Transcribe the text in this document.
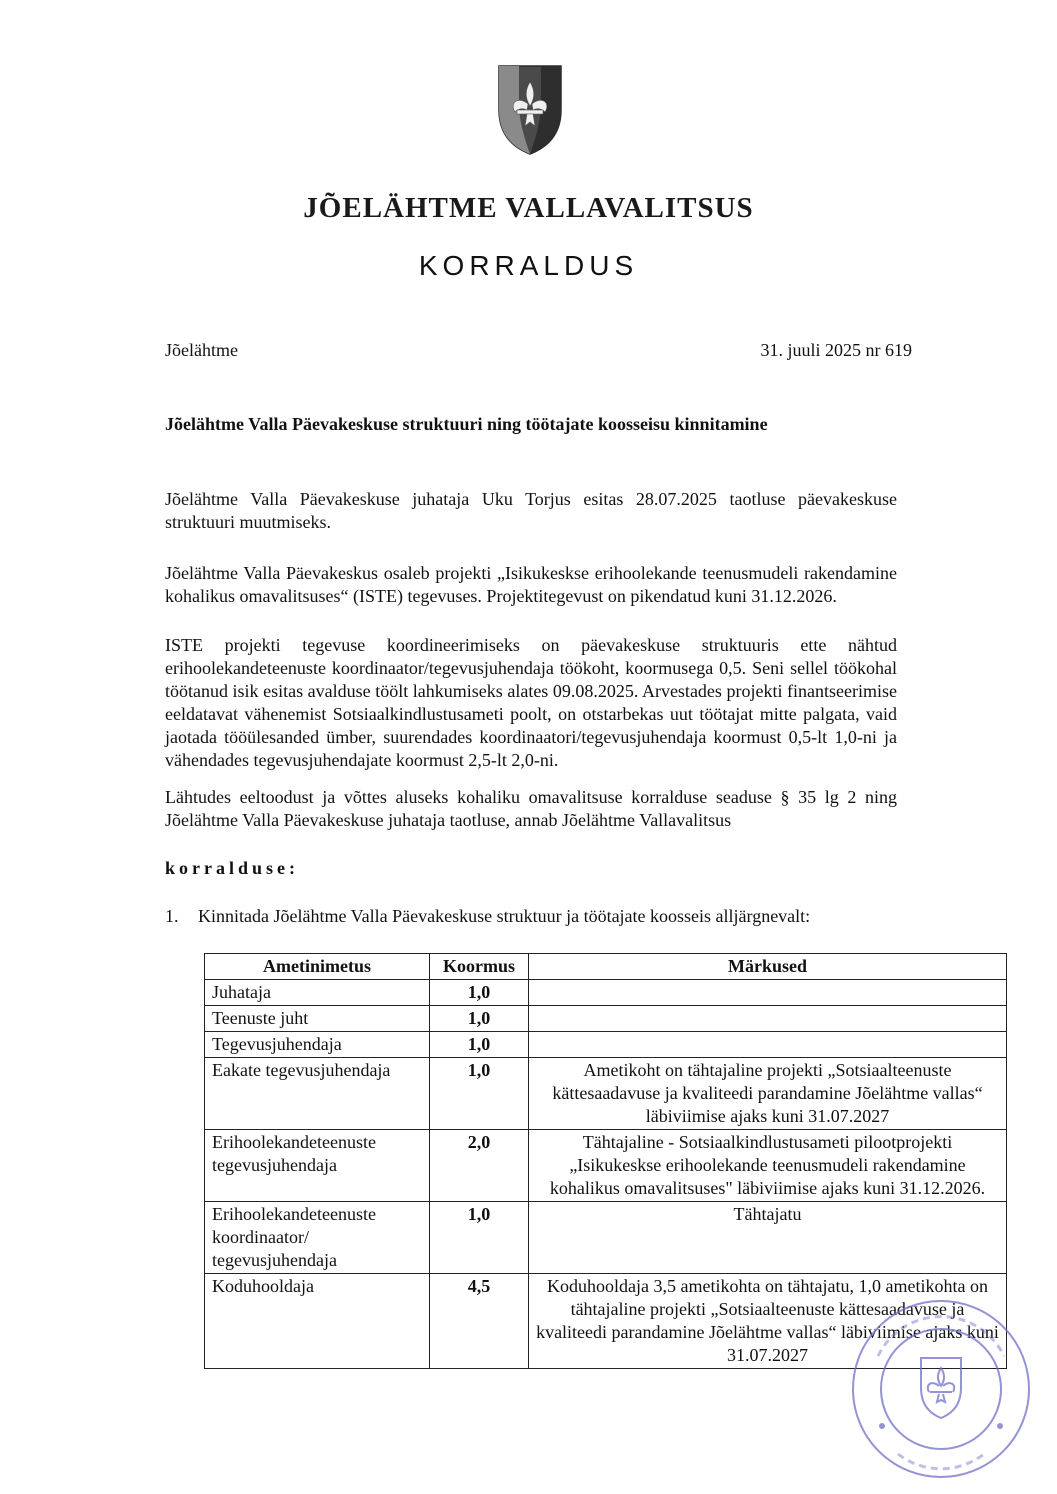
JÕELÄHTME VALLAVALITSUS
KORRALDUS
Jõelähtme	31. juuli 2025 nr 619
Jõelähtme Valla Päevakeskuse struktuuri ning töötajate koosseisu kinnitamine

Jõelähtme Valla Päevakeskuse juhataja Uku Torjus esitas 28.07.2025 taotluse päevakeskuse struktuuri muutmiseks.

Jõelähtme Valla Päevakeskus osaleb projekti „Isikukeskse erihoolekande teenusmudeli rakendamine kohalikus omavalitsuses“ (ISTE) tegevuses. Projektitegevust on pikendatud kuni 31.12.2026.

ISTE projekti tegevuse koordineerimiseks on päevakeskuse struktuuris ette nähtud erihoolekandeteenuste koordinaator/tegevusjuhendaja töökoht, koormusega 0,5. Seni sellel töökohal töötanud isik esitas avalduse töölt lahkumiseks alates 09.08.2025. Arvestades projekti finantseerimise eeldatavat vähenemist Sotsiaalkindlustusameti poolt, on otstarbekas uut töötajat mitte palgata, vaid jaotada tööülesanded ümber, suurendades koordinaatori/tegevusjuhendaja koormust 0,5-lt 1,0-ni ja vähendades tegevusjuhendajate koormust 2,5-lt 2,0-ni.

Lähtudes eeltoodust ja võttes aluseks kohaliku omavalitsuse korralduse seaduse § 35 lg 2 ning Jõelähtme Valla Päevakeskuse juhataja taotluse, annab Jõelähtme Vallavalitsus

korralduse:
1. Kinnitada Jõelähtme Valla Päevakeskuse struktuur ja töötajate koosseis alljärgnevalt:
Ametinimetus	Koormus	Märkused
Juhataja	1,0	
Teenuste juht	1,0	
Tegevusjuhendaja	1,0	
Eakate tegevusjuhendaja	1,0	Ametikoht on tähtajaline projekti „Sotsiaalteenuste kättesaadavuse ja kvaliteedi parandamine Jõelähtme vallas“ läbiviimise ajaks kuni 31.07.2027
Erihoolekandeteenuste tegevusjuhendaja	2,0	Tähtajaline - Sotsiaalkindlustusameti pilootprojekti „Isikukeskse erihoolekande teenusmudeli rakendamine kohalikus omavalitsuses" läbiviimise ajaks kuni 31.12.2026.
Erihoolekandeteenuste koordinaator/ tegevusjuhendaja	1,0	Tähtajatu
Koduhooldaja	4,5	Koduhooldaja 3,5 ametikohta on tähtajatu, 1,0 ametikohta on tähtajaline projekti „Sotsiaalteenuste kättesaadavuse ja kvaliteedi parandamine Jõelähtme vallas“ läbiviimise ajaks kuni 31.07.2027
